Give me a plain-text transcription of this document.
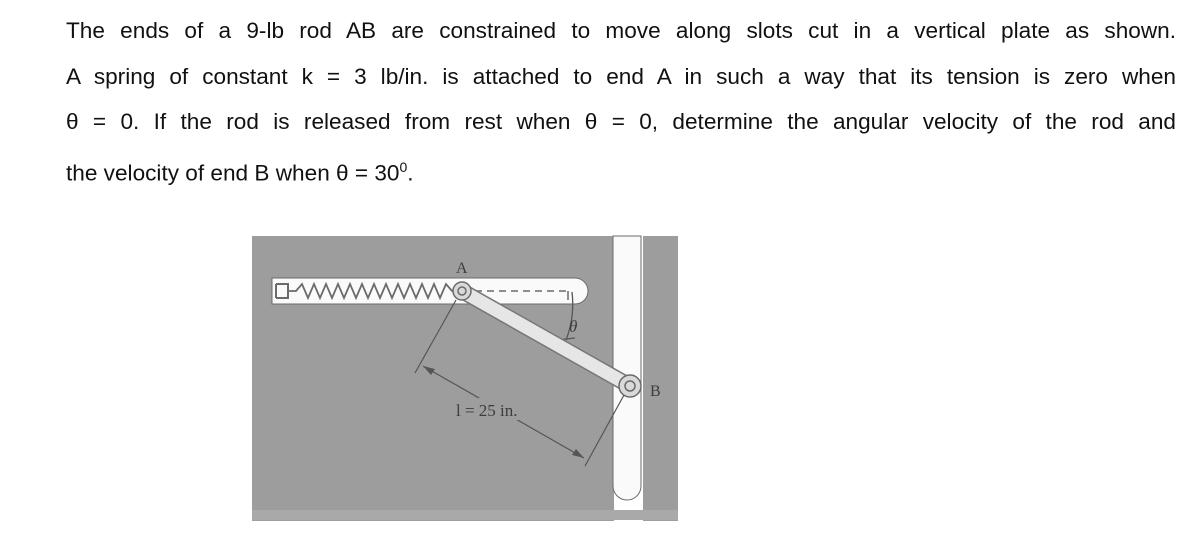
The ends of a 9-lb rod AB are constrained to move along slots cut in a vertical plate as shown.
A spring of constant k = 3 lb/in. is attached to end A in such a way that its tension is zero when
θ = 0. If the rod is released from rest when θ = 0, determine the angular velocity of the rod and
the velocity of end B when $\theta = 30^0$.
A
θ
B
l = 25 in.
